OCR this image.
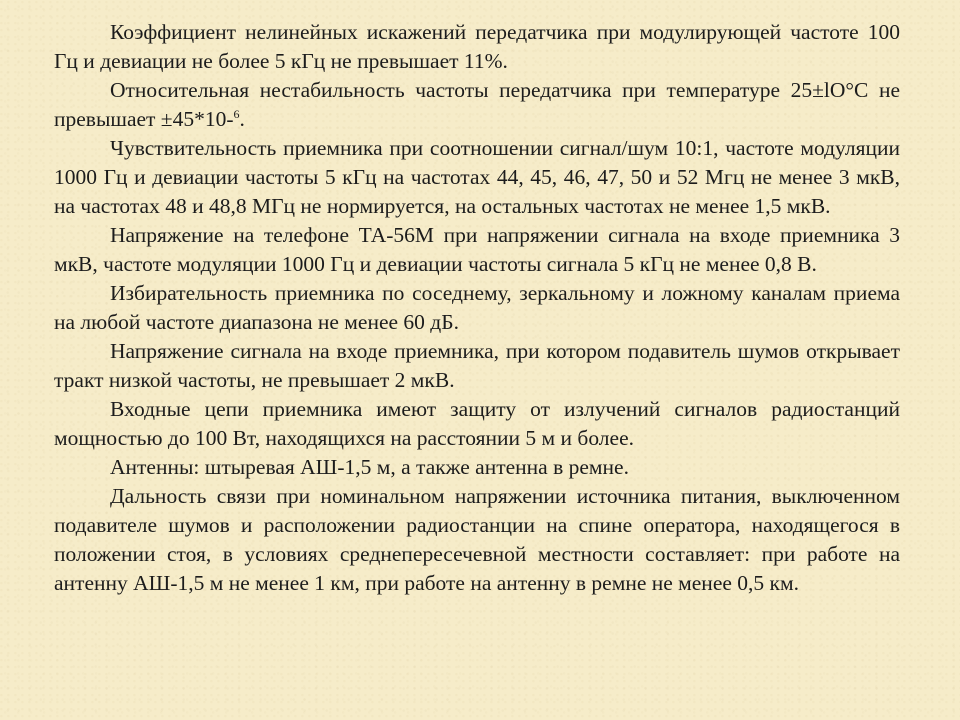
Коэффициент нелинейных искажений передатчика при модулирующей частоте 100 Гц и девиации не более 5 кГц не превышает 11%.

Относительная нестабильность частоты передатчика при температуре 25±lO°C не превышает ±45*10-$^6$.

Чувствительность приемника при соотношении сигнал/шум 10:1, частоте модуляции 1000 Гц и девиации частоты 5 кГц на частотах 44, 45, 46, 47, 50 и 52 Мгц не менее 3 мкВ, на частотах 48 и 48,8 МГц не нормируется, на остальных частотах не менее 1,5 мкВ.

Напряжение на телефоне ТА-56М при напряжении сигнала на входе приемника 3 мкВ, частоте модуляции 1000 Гц и девиации частоты сигнала 5 кГц не менее 0,8 В.

Избирательность приемника по соседнему, зеркальному и ложному каналам приема на любой частоте диапазона не менее 60 дБ.

Напряжение сигнала на входе приемника, при котором подавитель шумов открывает тракт низкой частоты, не превышает 2 мкВ.

Входные цепи приемника имеют защиту от излучений сигналов радиостанций мощностью до 100 Вт, находящихся на расстоянии 5 м и более.

Антенны: штыревая АШ-1,5 м, а также антенна в ремне.

Дальность связи при номинальном напряжении источника питания, выключенном подавителе шумов и расположении радиостанции на спине оператора, находящегося в положении стоя, в условиях среднепересечевной местности составляет: при работе на антенну АШ-1,5 м не менее 1 км, при работе на антенну в ремне не менее 0,5 км.
